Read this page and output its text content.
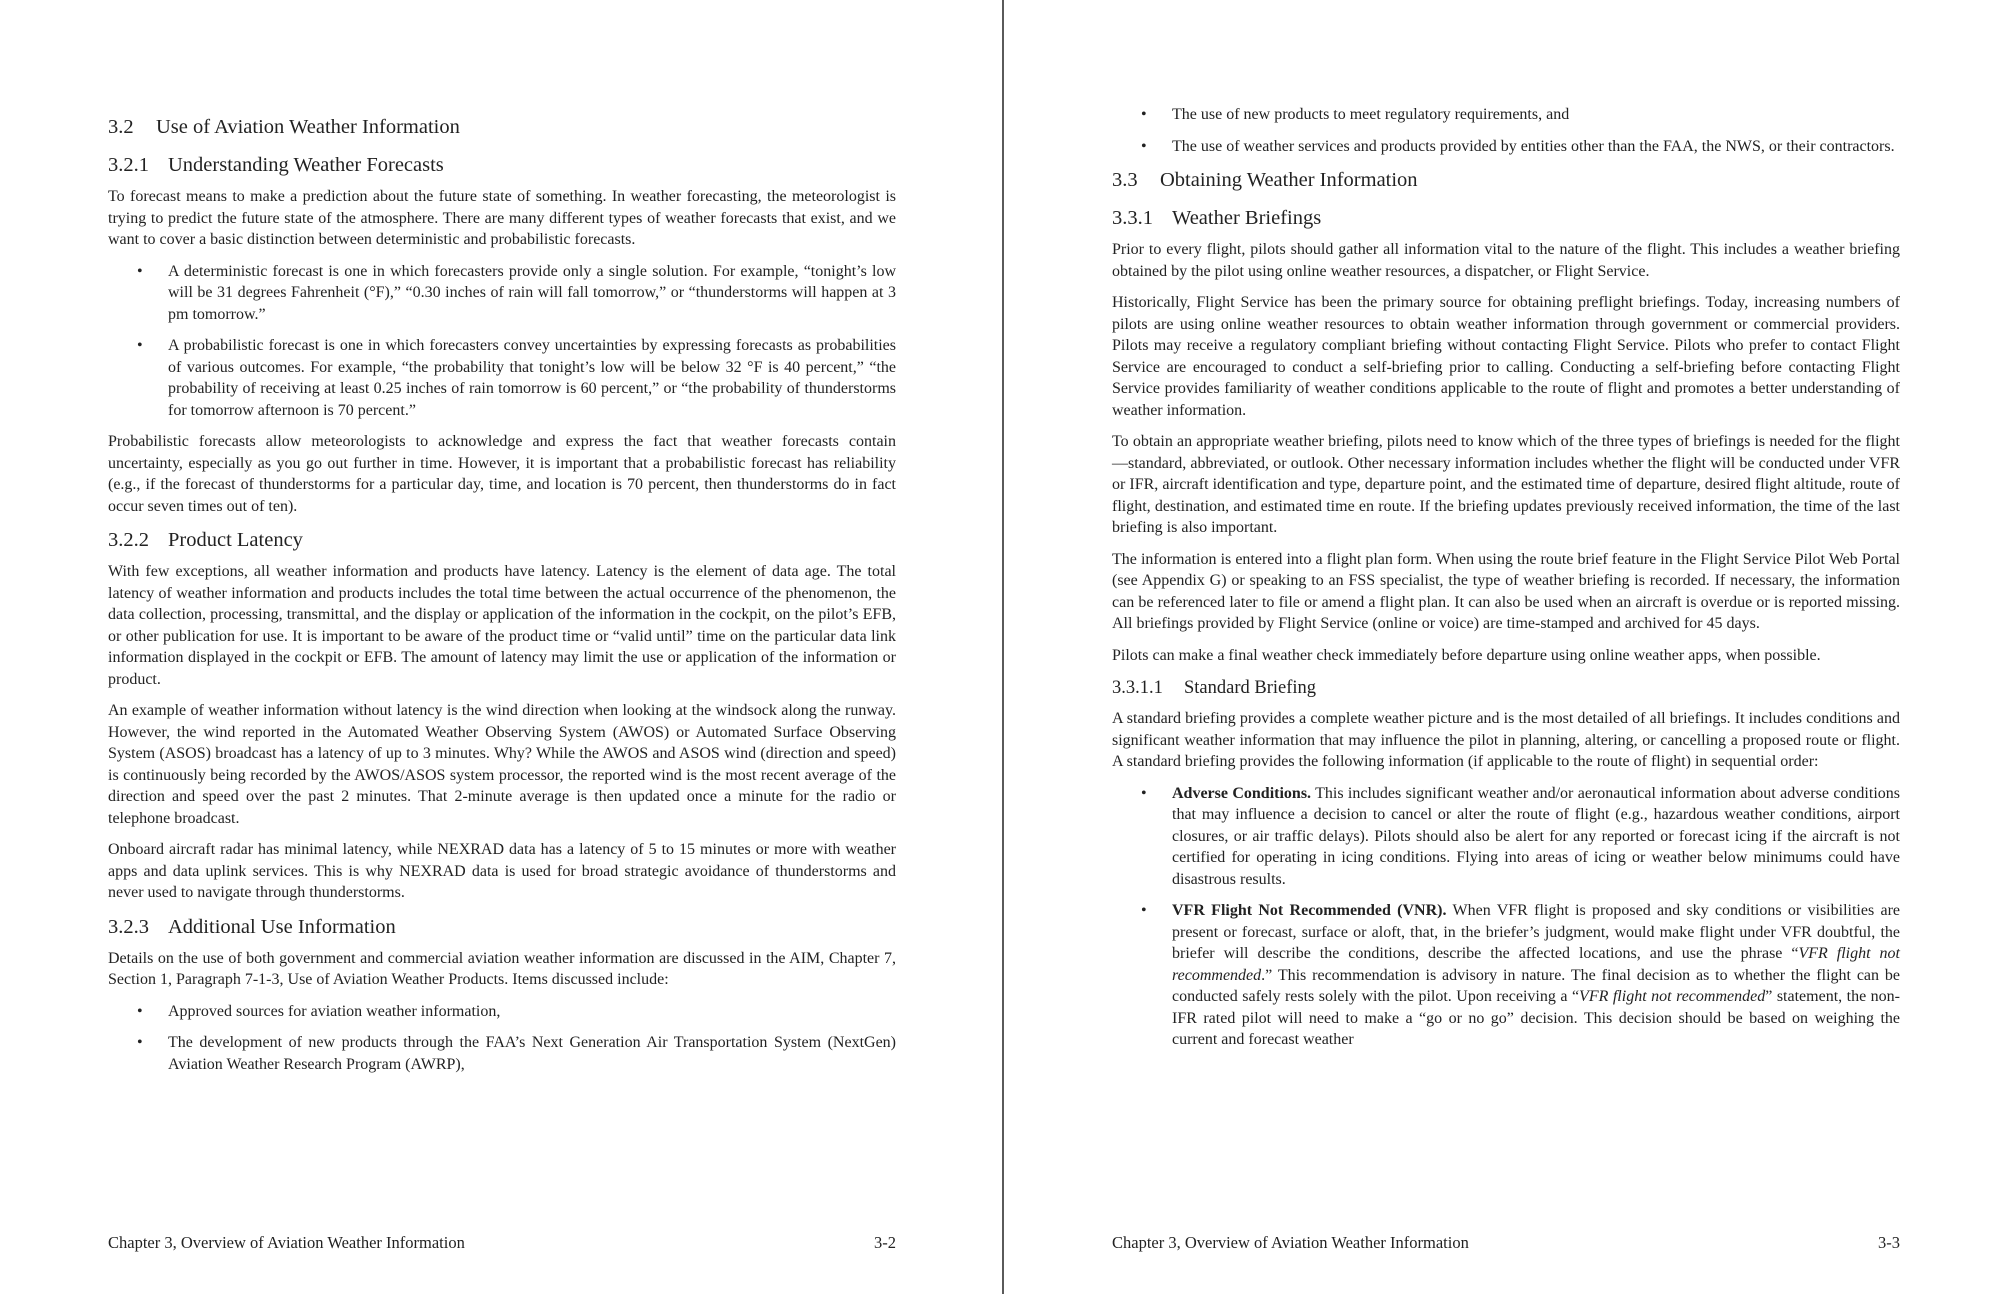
3.2 Use of Aviation Weather Information
3.2.1 Understanding Weather Forecasts

To forecast means to make a prediction about the future state of something. In weather forecasting, the meteorologist is trying to predict the future state of the atmosphere. There are many different types of weather forecasts that exist, and we want to cover a basic distinction between deterministic and probabilistic forecasts.

• A deterministic forecast is one in which forecasters provide only a single solution. For example, “tonight’s low will be 31 degrees Fahrenheit (°F),” “0.30 inches of rain will fall tomorrow,” or “thunderstorms will happen at 3 pm tomorrow.”
• A probabilistic forecast is one in which forecasters convey uncertainties by expressing forecasts as probabilities of various outcomes. For example, “the probability that tonight’s low will be below 32 °F is 40 percent,” “the probability of receiving at least 0.25 inches of rain tomorrow is 60 percent,” or “the probability of thunderstorms for tomorrow afternoon is 70 percent.”

Probabilistic forecasts allow meteorologists to acknowledge and express the fact that weather forecasts contain uncertainty, especially as you go out further in time. However, it is important that a probabilistic forecast has reliability (e.g., if the forecast of thunderstorms for a particular day, time, and location is 70 percent, then thunderstorms do in fact occur seven times out of ten).

3.2.2 Product Latency

With few exceptions, all weather information and products have latency. Latency is the element of data age. The total latency of weather information and products includes the total time between the actual occurrence of the phenomenon, the data collection, processing, transmittal, and the display or application of the information in the cockpit, on the pilot’s EFB, or other publication for use. It is important to be aware of the product time or “valid until” time on the particular data link information displayed in the cockpit or EFB. The amount of latency may limit the use or application of the information or product.

An example of weather information without latency is the wind direction when looking at the windsock along the runway. However, the wind reported in the Automated Weather Observing System (AWOS) or Automated Surface Observing System (ASOS) broadcast has a latency of up to 3 minutes. Why? While the AWOS and ASOS wind (direction and speed) is continuously being recorded by the AWOS/ASOS system processor, the reported wind is the most recent average of the direction and speed over the past 2 minutes. That 2-minute average is then updated once a minute for the radio or telephone broadcast.

Onboard aircraft radar has minimal latency, while NEXRAD data has a latency of 5 to 15 minutes or more with weather apps and data uplink services. This is why NEXRAD data is used for broad strategic avoidance of thunderstorms and never used to navigate through thunderstorms.

3.2.3 Additional Use Information

Details on the use of both government and commercial aviation weather information are discussed in the AIM, Chapter 7, Section 1, Paragraph 7-1-3, Use of Aviation Weather Products. Items discussed include:

• Approved sources for aviation weather information,
• The development of new products through the FAA’s Next Generation Air Transportation System (NextGen) Aviation Weather Research Program (AWRP),
Chapter 3, Overview of Aviation Weather Information	3-2
• The use of new products to meet regulatory requirements, and
• The use of weather services and products provided by entities other than the FAA, the NWS, or their contractors.
3.3 Obtaining Weather Information
3.3.1 Weather Briefings

Prior to every flight, pilots should gather all information vital to the nature of the flight. This includes a weather briefing obtained by the pilot using online weather resources, a dispatcher, or Flight Service.

Historically, Flight Service has been the primary source for obtaining preflight briefings. Today, increasing numbers of pilots are using online weather resources to obtain weather information through government or commercial providers. Pilots may receive a regulatory compliant briefing without contacting Flight Service. Pilots who prefer to contact Flight Service are encouraged to conduct a self-briefing prior to calling. Conducting a self-briefing before contacting Flight Service provides familiarity of weather conditions applicable to the route of flight and promotes a better understanding of weather information.

To obtain an appropriate weather briefing, pilots need to know which of the three types of briefings is needed for the flight—standard, abbreviated, or outlook. Other necessary information includes whether the flight will be conducted under VFR or IFR, aircraft identification and type, departure point, and the estimated time of departure, desired flight altitude, route of flight, destination, and estimated time en route. If the briefing updates previously received information, the time of the last briefing is also important.

The information is entered into a flight plan form. When using the route brief feature in the Flight Service Pilot Web Portal (see Appendix G) or speaking to an FSS specialist, the type of weather briefing is recorded. If necessary, the information can be referenced later to file or amend a flight plan. It can also be used when an aircraft is overdue or is reported missing. All briefings provided by Flight Service (online or voice) are time-stamped and archived for 45 days.

Pilots can make a final weather check immediately before departure using online weather apps, when possible.

3.3.1.1 Standard Briefing

A standard briefing provides a complete weather picture and is the most detailed of all briefings. It includes conditions and significant weather information that may influence the pilot in planning, altering, or cancelling a proposed route or flight. A standard briefing provides the following information (if applicable to the route of flight) in sequential order:

• Adverse Conditions. This includes significant weather and/or aeronautical information about adverse conditions that may influence a decision to cancel or alter the route of flight (e.g., hazardous weather conditions, airport closures, or air traffic delays). Pilots should also be alert for any reported or forecast icing if the aircraft is not certified for operating in icing conditions. Flying into areas of icing or weather below minimums could have disastrous results.
• VFR Flight Not Recommended (VNR). When VFR flight is proposed and sky conditions or visibilities are present or forecast, surface or aloft, that, in the briefer’s judgment, would make flight under VFR doubtful, the briefer will describe the conditions, describe the affected locations, and use the phrase “VFR flight not recommended.” This recommendation is advisory in nature. The final decision as to whether the flight can be conducted safely rests solely with the pilot. Upon receiving a “VFR flight not recommended” statement, the non-IFR rated pilot will need to make a “go or no go” decision. This decision should be based on weighing the current and forecast weather
Chapter 3, Overview of Aviation Weather Information	3-3
